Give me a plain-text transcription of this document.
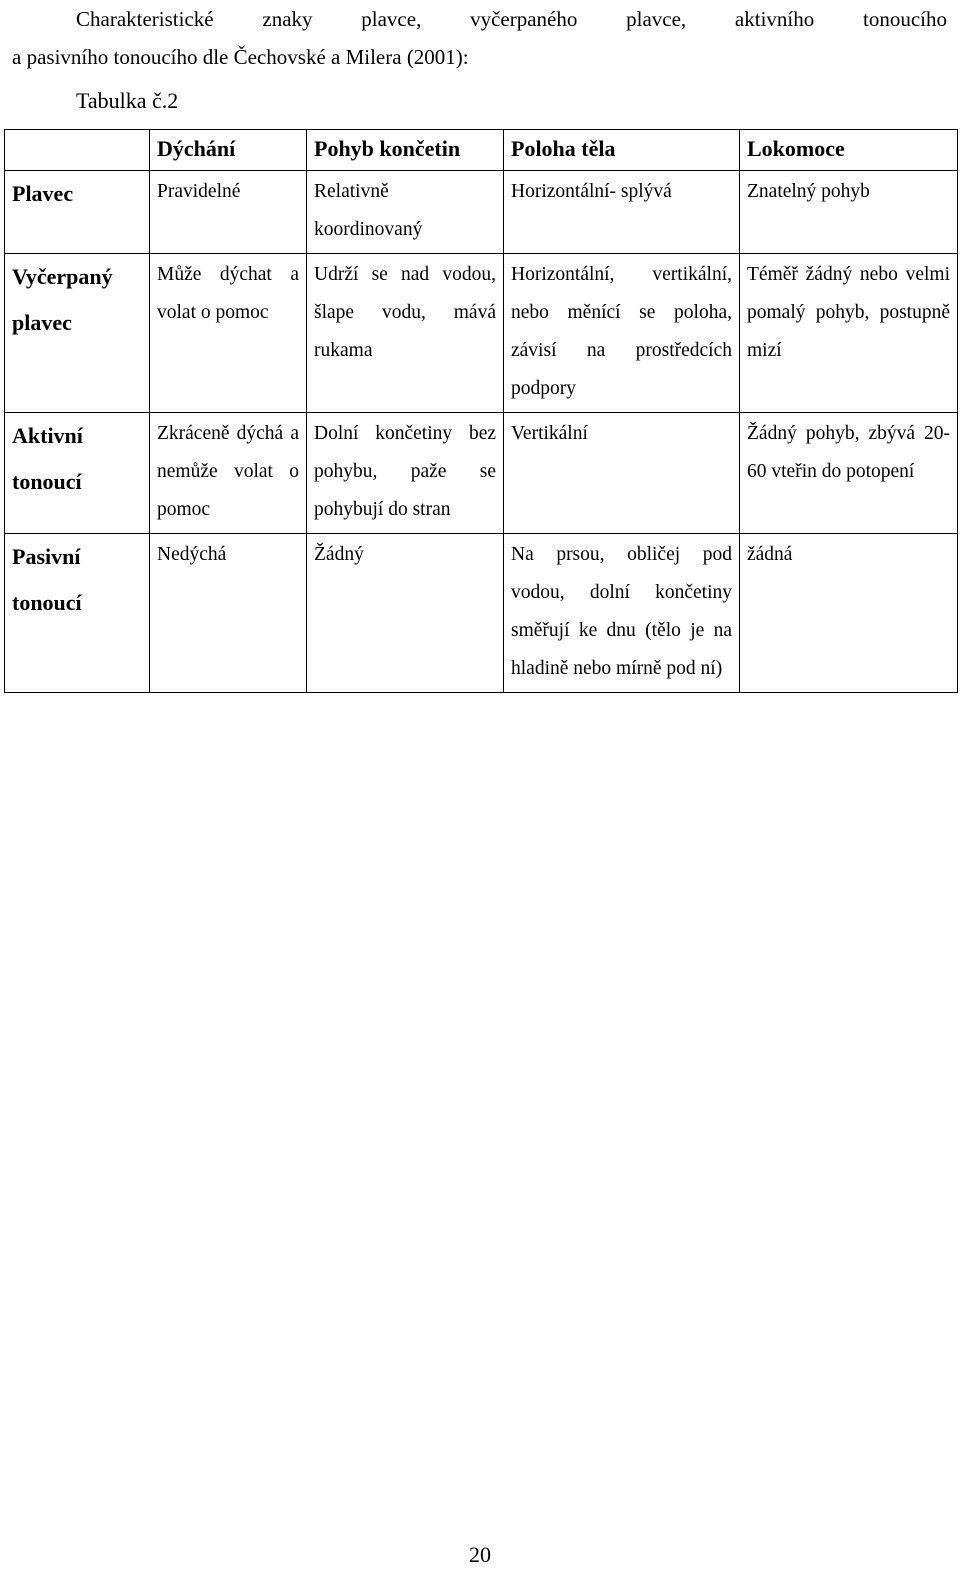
Charakteristické znaky plavce, vyčerpaného plavce, aktivního tonoucího
a pasivního tonoucího dle Čechovské a Milera (2001):
Tabulka č.2
	Dýchání	Pohyb končetin	Poloha těla	Lokomoce
Plavec	Pravidelné	Relativně koordinovaný	Horizontální- splývá	Znatelný pohyb
Vyčerpaný plavec	Může dýchat a volat o pomoc	Udrží se nad vodou, šlape vodu, mává rukama	Horizontální, vertikální, nebo měnící se poloha, závisí na prostředcích podpory	Téměř žádný nebo velmi pomalý pohyb, postupně mizí
Aktivní tonoucí	Zkráceně dýchá a nemůže volat o pomoc	Dolní končetiny bez pohybu, paže se pohybují do stran	Vertikální	Žádný pohyb, zbývá 20-60 vteřin do potopení
Pasivní tonoucí	Nedýchá	Žádný	Na prsou, obličej pod vodou, dolní končetiny směřují ke dnu (tělo je na hladině nebo mírně pod ní)	žádná
20
